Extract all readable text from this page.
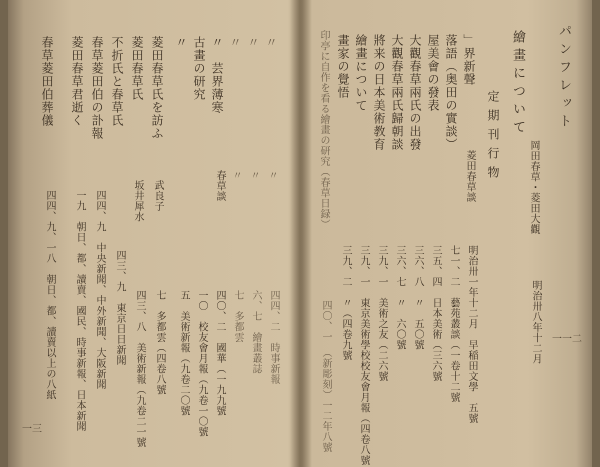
パンフレット
一一二
繪畫について
岡田春草・菱田大觀
明治卅八年十二月
定期刊行物
」界新聲
菱田春草談
明治卅一年十二月　早稲田文學　五號
落語（奥田の實談）
七一、二　藝苑叢談（一卷十二號
屋美會の發表
三五、四　日本美術（三六號
大觀春草兩氏の出發
三六、八　〃　五〇號
大觀春草兩氏歸朝談
三六、七　〃　六〇號
將来の日本美術教育
三九、一　美術之友（二六號
繪畫について
三九、一　東京美術學校校友會月報（四卷八號
畫家の覺悟
三九、二　〃（四卷九號
印亭に自作を看る繪畫の研究（春草日録）
四〇、一　（新彫刻）一二年八號
一三
〃
〃
四四、二　時事新報
〃
〃
六、七　繪畫叢誌
〃
〃
七　多都雲
〃　芸界薄寒
春草談
四〇、二　國華（一九九號
古畫の研究
一〇　校友會月報（九卷一〇號
〃
五　美術新報（九卷二〇號
菱田春草氏を訪ふ
武良子
七　多都雲（四卷八號
菱田春草氏
坂井犀水
四三、八　美術新報（九卷二一號
不折氏と春草氏
四三、九　東京日日新聞
春草菱田伯の訃報
四四、九　中央新聞、中外新聞、大阪新聞
菱田春草君逝く
一九　朝日、都、讀賣、國民、時事新報、日本新聞
春草菱田伯葬儀
四四、九、一八　朝日、都、讀賣以上の八紙
